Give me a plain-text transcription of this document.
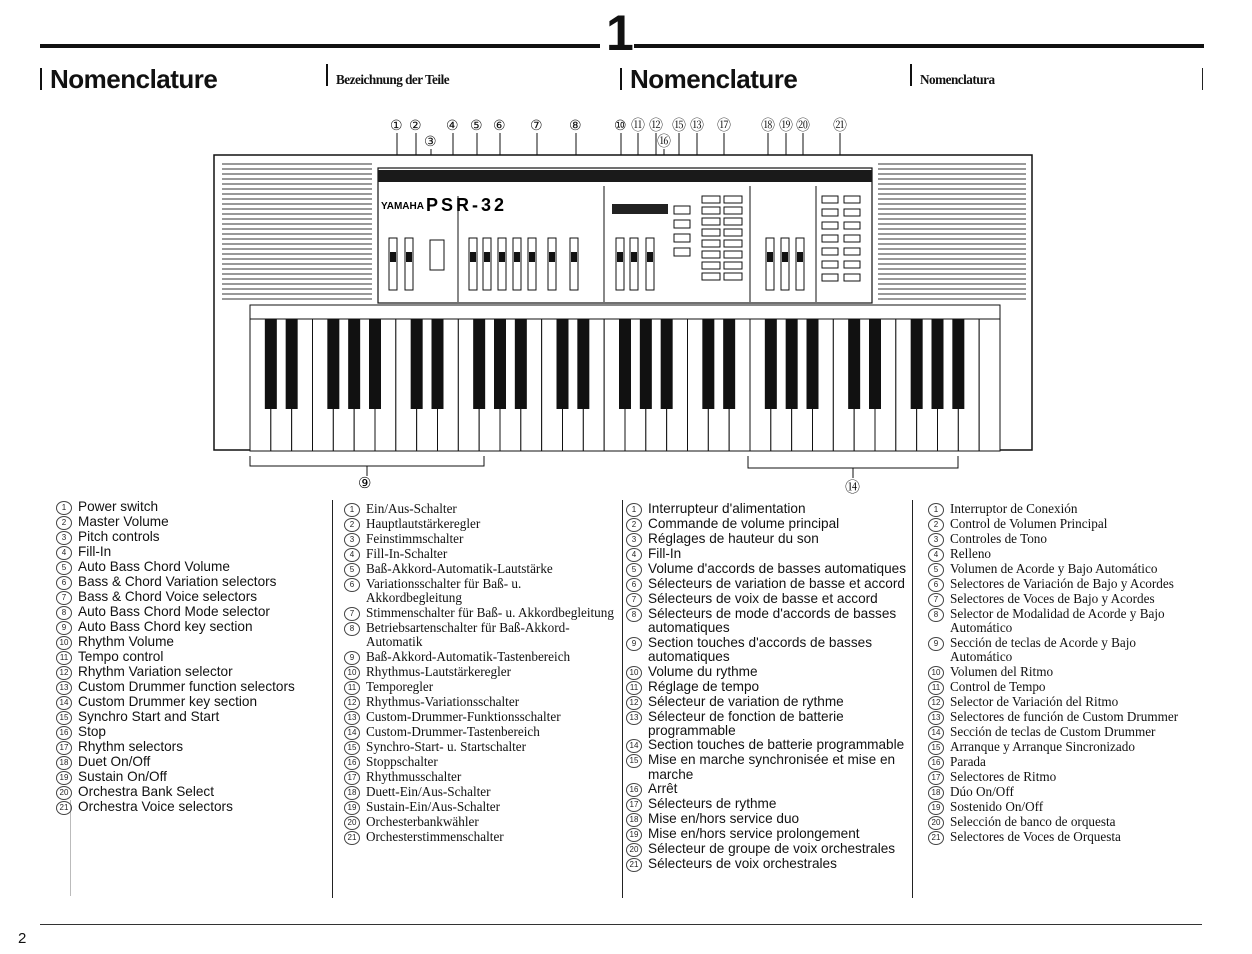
1
Nomenclature	Bezeichnung der Teile	Nomenclature	Nomenclatura
① ②
③
④ ⑤ ⑥ ⑦ ⑧ ⑩ ⑪ ⑫ ⑮ ⑬
⑯
⑰ ⑱ ⑲ ⑳ ㉑
YAMAHA PSR-32
⑨	⑭
1 Power switch
2 Master Volume
3 Pitch controls
4 Fill-In
5 Auto Bass Chord Volume
6 Bass & Chord Variation selectors
7 Bass & Chord Voice selectors
8 Auto Bass Chord Mode selector
9 Auto Bass Chord key section
10 Rhythm Volume
11 Tempo control
12 Rhythm Variation selector
13 Custom Drummer function selectors
14 Custom Drummer key section
15 Synchro Start and Start
16 Stop
17 Rhythm selectors
18 Duet On/Off
19 Sustain On/Off
20 Orchestra Bank Select
21 Orchestra Voice selectors
1 Ein/Aus-Schalter
2 Hauptlautstärkeregler
3 Feinstimmschalter
4 Fill-In-Schalter
5 Baß-Akkord-Automatik-Lautstärke
6 Variationsschalter für Baß- u. Akkordbegleitung
7 Stimmenschalter für Baß- u. Akkordbegleitung
8 Betriebsartenschalter für Baß-Akkord-Automatik
9 Baß-Akkord-Automatik-Tastenbereich
10 Rhythmus-Lautstärkeregler
11 Temporegler
12 Rhythmus-Variationsschalter
13 Custom-Drummer-Funktionsschalter
14 Custom-Drummer-Tastenbereich
15 Synchro-Start- u. Startschalter
16 Stoppschalter
17 Rhythmusschalter
18 Duett-Ein/Aus-Schalter
19 Sustain-Ein/Aus-Schalter
20 Orchesterbankwähler
21 Orchesterstimmenschalter
1 Interrupteur d'alimentation
2 Commande de volume principal
3 Réglages de hauteur du son
4 Fill-In
5 Volume d'accords de basses automatiques
6 Sélecteurs de variation de basse et accord
7 Sélecteurs de voix de basse et accord
8 Sélecteurs de mode d'accords de basses automatiques
9 Section touches d'accords de basses automatiques
10 Volume du rythme
11 Réglage de tempo
12 Sélecteur de variation de rythme
13 Sélecteur de fonction de batterie programmable
14 Section touches de batterie programmable
15 Mise en marche synchronisée et mise en marche
16 Arrêt
17 Sélecteurs de rythme
18 Mise en/hors service duo
19 Mise en/hors service prolongement
20 Sélecteur de groupe de voix orchestrales
21 Sélecteurs de voix orchestrales
1 Interruptor de Conexión
2 Control de Volumen Principal
3 Controles de Tono
4 Relleno
5 Volumen de Acorde y Bajo Automático
6 Selectores de Variación de Bajo y Acordes
7 Selectores de Voces de Bajo y Acordes
8 Selector de Modalidad de Acorde y Bajo Automático
9 Sección de teclas de Acorde y Bajo Automático
10 Volumen del Ritmo
11 Control de Tempo
12 Selector de Variación del Ritmo
13 Selectores de función de Custom Drummer
14 Sección de teclas de Custom Drummer
15 Arranque y Arranque Sincronizado
16 Parada
17 Selectores de Ritmo
18 Dúo On/Off
19 Sostenido On/Off
20 Selección de banco de orquesta
21 Selectores de Voces de Orquesta
2
